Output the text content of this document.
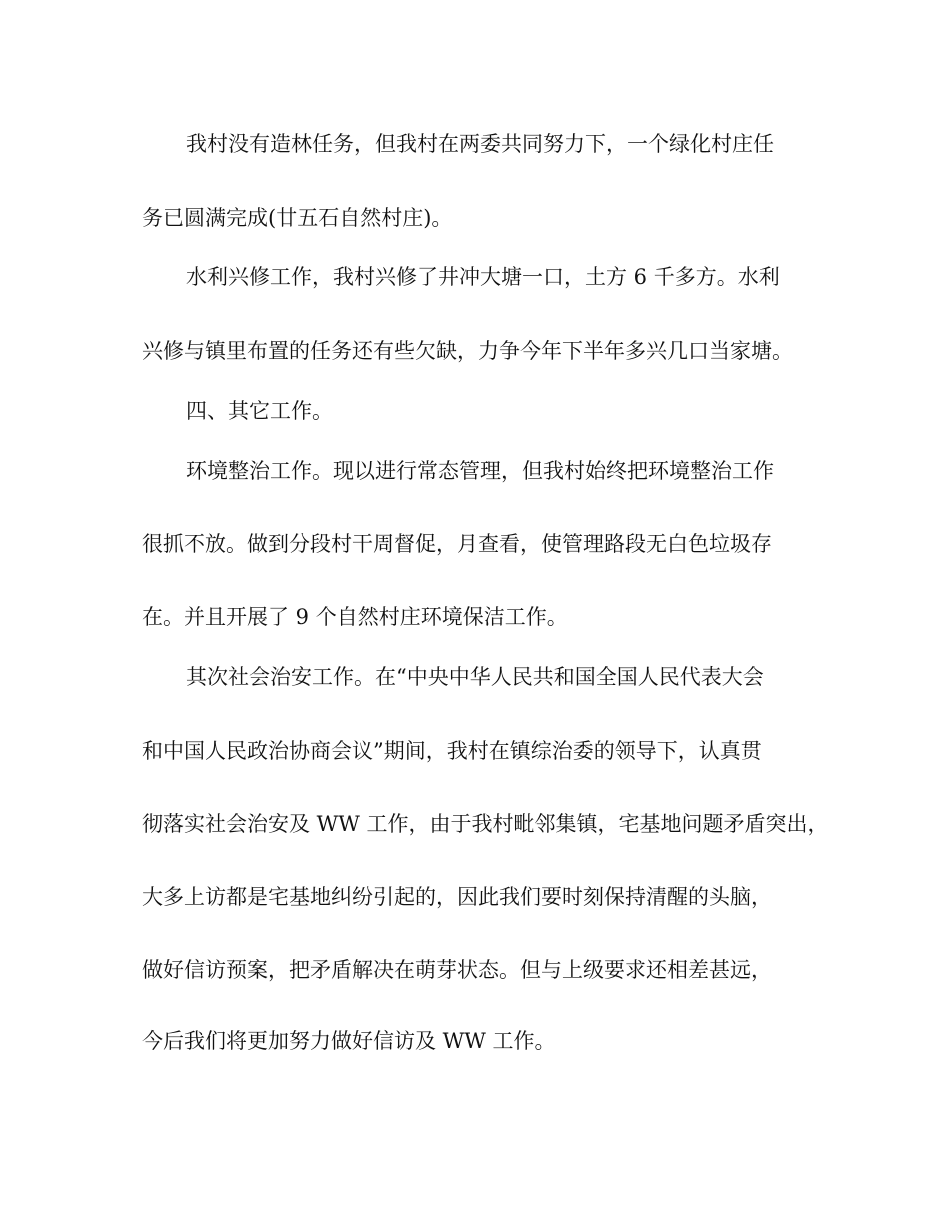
我村没有造林任务，但我村在两委共同努力下，一个绿化村庄任
务已圆满完成(廿五石自然村庄)。
水利兴修工作，我村兴修了井冲大塘一口，土方 6 千多方。水利
兴修与镇里布置的任务还有些欠缺，力争今年下半年多兴几口当家塘。
四、其它工作。
环境整治工作。现以进行常态管理，但我村始终把环境整治工作
很抓不放。做到分段村干周督促，月查看，使管理路段无白色垃圾存
在。并且开展了 9 个自然村庄环境保洁工作。
其次社会治安工作。在“中央中华人民共和国全国人民代表大会
和中国人民政治协商会议”期间，我村在镇综治委的领导下，认真贯
彻落实社会治安及 WW 工作，由于我村毗邻集镇，宅基地问题矛盾突出，
大多上访都是宅基地纠纷引起的，因此我们要时刻保持清醒的头脑，
做好信访预案，把矛盾解决在萌芽状态。但与上级要求还相差甚远，
今后我们将更加努力做好信访及 WW 工作。
